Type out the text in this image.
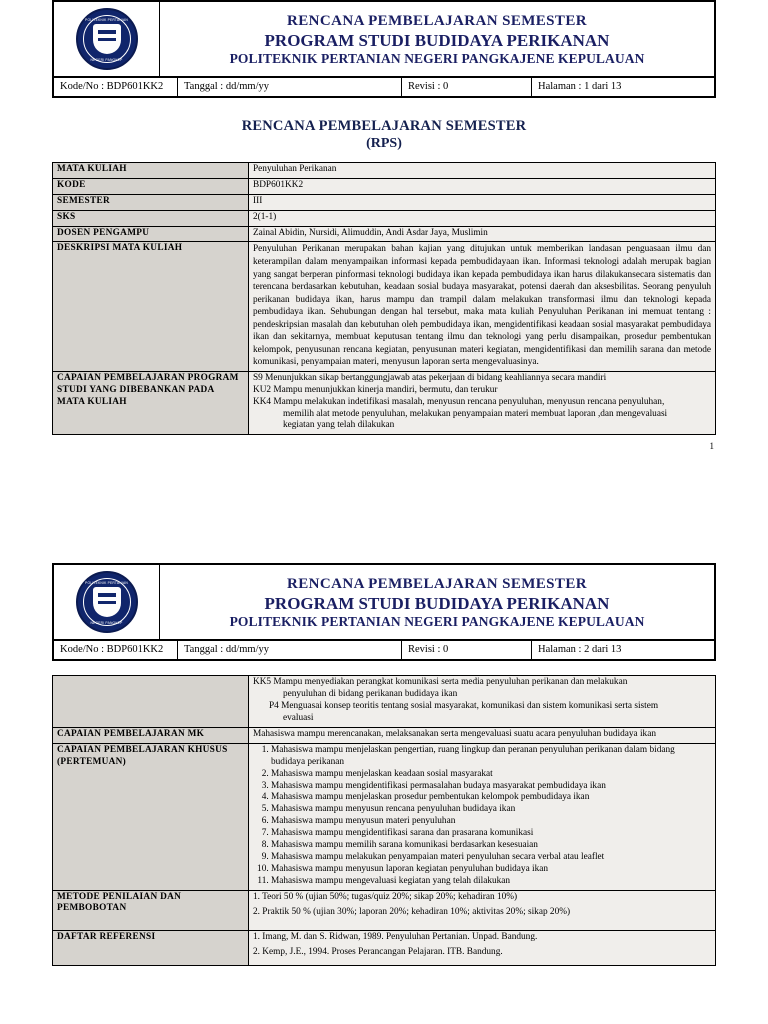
POLITEKNIK PERTANIAN
NEGERI PANGKEP
RENCANA PEMBELAJARAN SEMESTER
PROGRAM STUDI BUDIDAYA PERIKANAN
POLITEKNIK PERTANIAN NEGERI PANGKAJENE KEPULAUAN
Kode/No : BDP601KK2	Tanggal : dd/mm/yy	Revisi : 0	Halaman : 1 dari 13
RENCANA PEMBELAJARAN SEMESTER
(RPS)
MATA KULIAH	Penyuluhan Perikanan
KODE	BDP601KK2
SEMESTER	III
SKS	2(1-1)
DOSEN PENGAMPU	Zainal Abidin, Nursidi, Alimuddin, Andi Asdar Jaya, Muslimin
DESKRIPSI MATA KULIAH	Penyuluhan Perikanan merupakan bahan kajian yang ditujukan untuk memberikan landasan penguasaan ilmu dan keterampilan dalam menyampaikan informasi kepada pembudidayaan ikan. Informasi teknologi adalah merupak bagian yang sangat berperan pinformasi teknologi budidaya ikan kepada pembudidaya ikan harus dilakukansecara sistematis dan terencana berdasarkan kebutuhan, keadaan sosial budaya masyarakat, potensi daerah dan aksesbilitas. Seorang penyuluh perikanan budidaya ikan, harus mampu dan trampil dalam melakukan transformasi ilmu dan teknologi kepada pembudidaya ikan. Sehubungan dengan hal tersebut, maka mata kuliah Penyuluhan Perikanan ini memuat tentang : pendeskripsian masalah dan kebutuhan oleh pembudidaya ikan, mengidentifikasi keadaan sosial masyarakat pembudidaya ikan dan sekitarnya, membuat keputusan tentang ilmu dan teknologi yang perlu disampaikan, prosedur pembentukan kelompok, penyusunan rencana kegiatan, penyusunan materi kegiatan, mengidentifikasi dan memilih sarana dan metode komunikasi, penyampaian materi, menyusun laporan serta mengevaluasinya.
CAPAIAN PEMBELAJARAN PROGRAM STUDI YANG DIBEBANKAN PADA MATA KULIAH	S9 Menunjukkan sikap bertanggungjawab atas pekerjaan di bidang keahliannya secara mandiri
KU2 Mampu menunjukkan kinerja mandiri, bermutu, dan terukur
KK4 Mampu melakukan indetifikasi masalah, menyusun rencana penyuluhan, menyusun rencana penyuluhan,
memilih alat metode penyuluhan, melakukan penyampaian materi membuat laporan ,dan mengevaluasi
kegiatan yang telah dilakukan
1
POLITEKNIK PERTANIAN
NEGERI PANGKEP
RENCANA PEMBELAJARAN SEMESTER
PROGRAM STUDI BUDIDAYA PERIKANAN
POLITEKNIK PERTANIAN NEGERI PANGKAJENE KEPULAUAN
Kode/No : BDP601KK2	Tanggal : dd/mm/yy	Revisi : 0	Halaman : 2 dari 13

	KK5 Mampu menyediakan perangkat komunikasi serta media penyuluhan perikanan dan melakukan
penyuluhan di bidang perikanan budidaya ikan
P4 Menguasai konsep teoritis tentang sosial masyarakat, komunikasi dan sistem komunikasi serta sistem
evaluasi

CAPAIAN PEMBELAJARAN MK	Mahasiswa mampu merencanakan, melaksanakan serta mengevaluasi suatu acara penyuluhan budidaya ikan
CAPAIAN PEMBELAJARAN KHUSUS (PERTEMUAN)	
1. Mahasiswa mampu menjelaskan pengertian, ruang lingkup dan peranan penyuluhan perikanan dalam bidang budidaya perikanan
2. Mahasiswa mampu menjelaskan keadaan sosial masyarakat
3. Mahasiswa mampu mengidentifikasi permasalahan budaya masyarakat pembudidaya ikan
4. Mahasiswa mampu menjelaskan prosedur pembentukan kelompok pembudidaya ikan
5. Mahasiswa mampu menyusun rencana penyuluhan budidaya ikan
6. Mahasiswa mampu menyusun materi penyuluhan
7. Mahasiswa mampu mengidentifikasi sarana dan prasarana komunikasi
8. Mahasiswa mampu memilih sarana komunikasi berdasarkan kesesuaian
9. Mahasiswa mampu melakukan penyampaian materi penyuluhan secara verbal atau leaflet
10. Mahasiswa mampu menyusun laporan kegiatan penyuluhan budidaya ikan
11. Mahasiswa mampu mengevaluasi kegiatan yang telah dilakukan

METODE PENILAIAN DAN PEMBOBOTAN	1. Teori 50 % (ujian 50%; tugas/quiz 20%; sikap 20%; kehadiran 10%)

2. Praktik 50 % (ujian 30%; laporan 20%; kehadiran 10%; aktivitas 20%; sikap 20%)

DAFTAR REFERENSI	1. Imang, M. dan S. Ridwan, 1989. Penyuluhan Pertanian. Unpad. Bandung.

2. Kemp, J.E., 1994. Proses Perancangan Pelajaran. ITB. Bandung.
